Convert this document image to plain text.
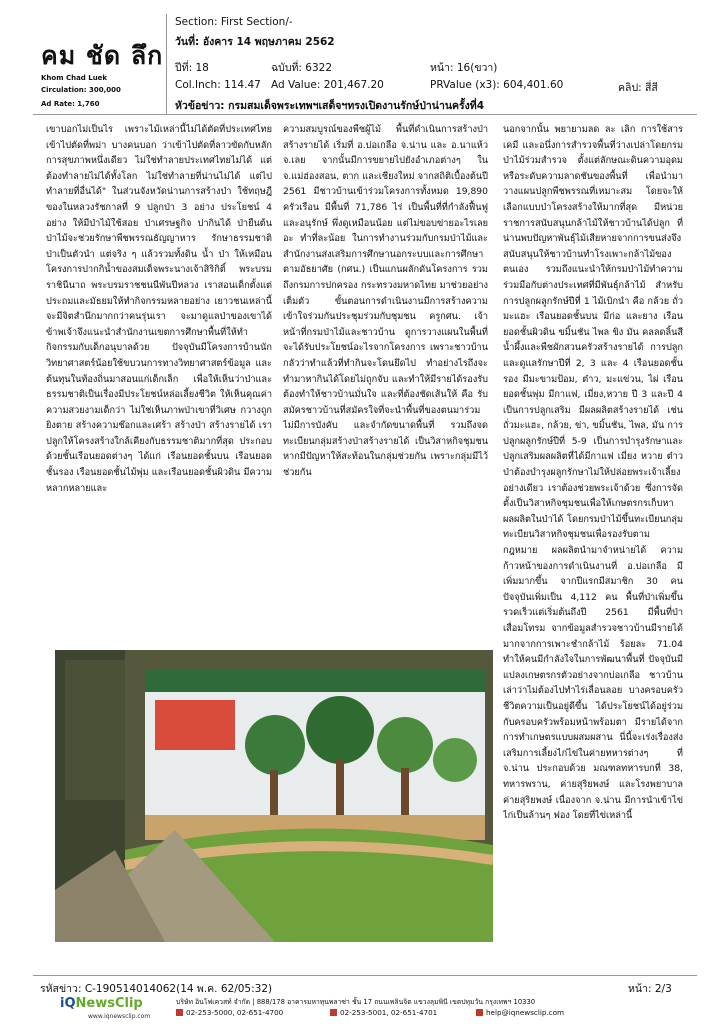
คม ชัด ลึก
Khom Chad Luek
Circulation: 300,000
Ad Rate: 1,760
Section: First Section/-
วันที่: อังคาร 14 พฤษภาคม 2562
ปีที่: 18	ฉบับที่: 6322	หน้า: 16(ขวา)
Col.Inch: 114.47 Ad Value: 201,467.20	PRValue (x3): 604,401.60	คลิป: สี่สี
หัวข้อข่าว: กรมสมเด็จพระเทพฯเสด็จฯทรงเปิดงานรักษ์ป่าน่านครั้งที่4
เขาบอกไม่เป็นไร เพราะไม้เหล่านี้ไม่ได้ตัดที่ประเทศไทย เข้าไปตัดที่พม่า บางคนบอก ว่าเข้าไปตัดที่ลาวขัดกับหลักการสุขภาพหนึ่งเดียว ไม่ใช่ทำลายประเทศไทยไม่ได้ แต่ต้องทำลายไม่ได้ทั้งโลก ไม่ใช่ทำลายที่น่านไม่ได้ แต่ไปทำลายที่อื่นได้" ในส่วนจังหวัดน่านการสร้างป่า ใช้ทฤษฎีของในหลวงรัชกาลที่ 9 ปลูกป่า 3 อย่าง ประโยชน์ 4 อย่าง ให้มีป่าไม้ใช้สอย ป่าเศรษฐกิจ ปากินได้ ป่ายืนต้น ป่าไม้จะช่วยรักษาพืชพรรณธัญญาหาร รักษาธรรมชาติ ป่าเป็นตัวนำ แต่จริง ๆ แล้วรวมทั้งดิน น้ำ ป่า ให้เหมือนโครงการปากกิน้ำของสมเด็จพระนางเจ้าสิริกิติ์ พระบรมราชินีนาถ พระบรมราชชนนีพันปีหลวง เราสอนเด็กตั้งแต่ประถมและมัธยมให้ทำกิจกรรมหลายอย่าง เยาวชนเหล่านี้จะมีจิตสำนึกมากกว่าคนรุ่นเรา จะมาดูแลป่าของเขาได้ ข้าพเจ้าจึงแนะนำสำนักงานเขตการศึกษาพื้นที่ให้ทำกิจกรรมกับเด็กอนุบาลด้วย ปัจจุบันมีโครงการบ้านนักวิทยาศาสตร์น้อยใช้ขบวนการทางวิทยาศาสตร์ข้อมูล และต้นทุนในท้องถิ่นมาสอนแก่เด็กเล็ก เพื่อให้เห็นว่าป่าและธรรมชาติเป็นเรื่องมีประโยชน์หล่อเลี้ยงชีวิต ให้เห็นคุณค่าความสวยงามเด็กว่า ไม่ใช่เห็นภาพป่าเขาที่วิเศษ กวางถูกยิงตาย สร้างความช๊อกและเศร้า สร้างป่า สร้างรายได้ เราปลูกให้โครงสร้างใกล้เคียงกับธรรมชาติมากที่สุด ประกอบด้วยชั้นเรือนยอดต่างๆ ได้แก่ เรือนยอดชั้นบน เรือนยอดชั้นรอง เรือนยอดชั้นไม้พุ่ม และเรือนยอดชั้นผิวดิน มีความหลากหลายและ
ความสมบูรณ์ของพืชผู้ไม้ พื้นที่ดำเนินการสร้างป่า สร้างรายได้ เริ่มที่ อ.บ่อเกลือ จ.น่าน และ อ.นาแห้ว จ.เลย จากนั้นมีการขยายไปยังอำเภอต่างๆ ใน จ.แม่ฮ่องสอน, ตาก และเชียงใหม่ จากสถิติเบื้องต้นปี 2561 มีชาวบ้านเข้าร่วมโครงการทั้งหมด 19,890 ครัวเรือน มีพื้นที่ 71,786 ไร่ เป็นพื้นที่ที่กำลังฟื้นฟูและอนุรักษ์ พึ่งดูเหมือนน้อย แต่ไม่ขอบข่ายอะไรเลยอะ ทำที่ละน้อย ในการทำงานร่วมกับกรมป่าไม้และสำนักงานส่งเสริมการศึกษานอกระบบและการศึกษาตามอัธยาศัย (กศน.) เป็นแกนผลักดันโครงการ รวมถึงกรมการปกครอง กระทรวงมหาดไทย มาช่วยอย่างเต็มตัว ขั้นตอนการดำเนินงานมีการสร้างความเข้าใจร่วมกันประชุมร่วมกับชุมชน ครูกศน. เจ้าหน้าที่กรมป่าไม้และชาวบ้าน ดูการวางแผนในพื้นที่จะได้รับประโยชน์อะไรจากโครงการ เพราะชาวบ้านกลัวว่าทำแล้วที่ทำกินจะโดนยึดไป ทำอย่างไรถึงจะทำมาหากินได้โดยไม่ถูกจับ และทำให้มีรายได้รองรับ ต้องทำให้ชาวบ้านมั่นใจ และที่ต้องชัดเส้นให้ คือ รับสมัครชาวบ้านที่สมัครใจที่จะนำพื้นที่ของตนมาร่วม ไม่มีการบังคับ และจำกัดขนาดพื้นที่ รวมถึงจดทะเบียนกลุ่มสร้างป่าสร้างรายได้ เป็นวิสาหกิจชุมชน หากมีปัญหาให้สะท้อนในกลุ่มช่วยกัน เพราะกลุ่มมีไว้ช่วยกัน
นอกจากนั้น พยายามลด ละ เลิก การใช้สารเคมี และอนึ่งการสำรวจพื้นที่ว่างเปล่าโดยกรมป่าไม้ร่วมสำรวจ ตั้งแต่ลักษณะดินความอุดมหรือระดับความลาดชันของพื้นที่ เพื่อนำมาวางแผนปลูกพืชพรรณที่เหมาะสม โดยจะให้เลือกแบบป่าโครงสร้างให้มากที่สุด มีหน่วยราชการสนับสนุนกล้าไม้ให้ชาวบ้านได้ปลูก ที่น่านพบปัญหาพันธุ์ไม้เสียหายจากการขนส่งจึงสนับสนุนให้ชาวบ้านทำโรงเพาะกล้าไม้ของตนเอง รวมถึงแนะนำให้กรมป่าไม้ทำความร่วมมือกับต่างประเทศที่มีพันธุ์กล้าไม้ สำหรับการปลูกผลูกรักษ์ปีที่ 1 ไม้เบิกนำ คือ กล้วย ถั่วมะแฮะ เรือนยอดชั้นบน มีก่อ และยาง เรือนยอดชั้นผิวดิน ขมิ้นชัน ไพล ขิง มัน คลลดลิ้นสีน้ำผึ้งและพืชผักสวนครัวสร้างรายได้ การปลูกและดูแลรักษาปีที่ 2, 3 และ 4 เรือนยอดชั้นรอง มีมะขามป้อม, ต๋าว, มะแข่วน, ไผ่ เรือนยอดชั้นพุ่ม มีกาแฟ, เมี่ยง,หวาย ปี 3 และปี 4 เป็นการปลูกเสริม มีผลผลิตสร้างรายได้ เช่น ถั่วมะแฮะ, กล้วย, ข่า, ขมิ้นชัน, ไพล, มัน การปลูกผลูกรักษ์ปีที่ 5-9 เป็นการบำรุงรักษาและปลูกเสริมผลผลิตที่ได้มีกาแฟ เมี่ยง หวาย ต๋าว ป่าต้องบำรุงผลูกรักษาไม่ให้ปล่อยพระเจ้าเลี้ยงอย่างเดียว เราต้องช่วยพระเจ้าด้วย ซึ่งการจัดตั้งเป็นวิสาหกิจชุมชนเพื่อให้เกษตรกรเก็บหาผลผลิตในป่าได้ โดยกรมป่าไม้ขึ้นทะเบียนกลุ่มทะเบียนวิสาหกิจชุมชนเพื่อรองรับตามกฎหมาย ผลผลิตนำมาจำหน่ายได้ ความก้าวหน้าของการดำเนินงานที่ อ.บ่อเกลือ มีเพิ่มมากขึ้น จากปีแรกมีสมาชิก 30 คน ปัจจุบันเพิ่มเป็น 4,112 คน พื้นที่ป่าเพิ่มขึ้นรวดเร็วแต่เริ่มต้นถึงปี 2561 มีพื้นที่ป่าเสื่อมโทรม จากข้อมูลสำรวจชาวบ้านมีรายได้มากจากการเพาะชำกล้าไม้ ร้อยละ 71.04 ทำให้คนมีกำลังใจในการพัฒนาพื้นที่ ปัจจุบันมีแปลงเกษตรกรตัวอย่างจากบ่อเกลือ ชาวบ้านเล่าว่าไม่ต้องไปทำไร่เลื่อนลอย บางครอบครัวชีวิตความเป็นอยู่ดีขึ้น ได้ประโยชน์ได้อยู่ร่วมกับครอบครัวพร้อมหน้าพร้อมตา มีรายได้จากการทำเกษตรแบบผสมผสาน นี่นี้จะเร่งเรื่องส่งเสริมการเลี้ยงไก่ไข่ในค่ายทหารต่างๆ ที่ จ.น่าน ประกอบด้วย มณฑลทหารบกที่ 38, ทหารพราน, ค่ายสุริยพงษ์ และโรงพยาบาลค่ายสุริยพงษ์ เนื่องจาก จ.น่าน มีการนำเข้าไข่ไก่เป็นล้านๆ ฟอง โดยที่ไข่เหล่านี้
รหัสข่าว: C-190514014062(14 พ.ค. 62/05:32)	หน้า: 2/3
iQNewsClip
www.iqnewsclip.com
บริษัท อินโฟเควสท์ จำกัด | 888/178 อาคารมหาทุนพลาซ่า ชั้น 17 ถนนเพลินจิต แขวงลุมพินี เขตปทุมวัน กรุงเทพฯ 10330
02-253-5000, 02-651-4700	02-253-5001, 02-651-4701	help@iqnewsclip.com
